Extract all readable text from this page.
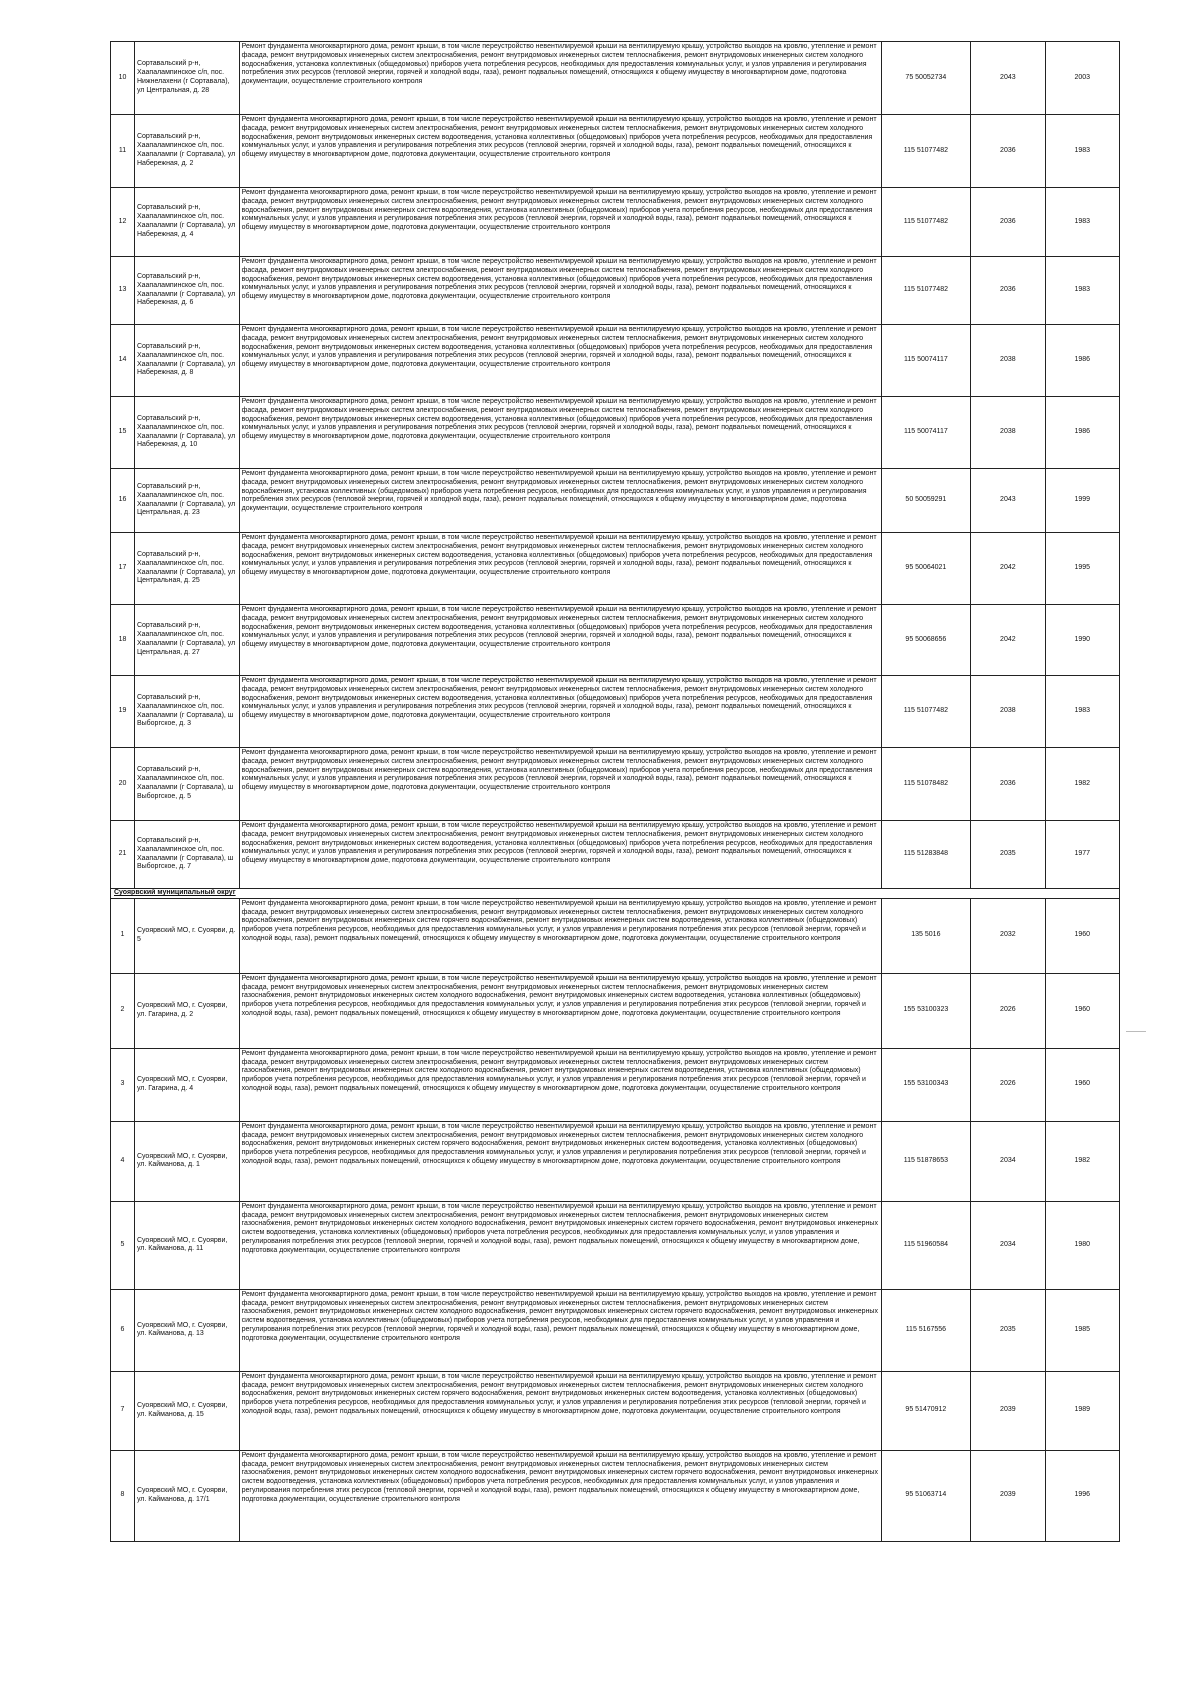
10	Сортавальский р-н, Хаапалампинское с/п, пос. Нижнелахени (г Сортавала), ул Центральная, д. 28	Ремонт фундамента многоквартирного дома, ремонт крыши, в том числе переустройство невентилируемой крыши на вентилируемую крышу, устройство выходов на кровлю, утепление и ремонт фасада, ремонт внутридомовых инженерных систем электроснабжения, ремонт внутридомовых инженерных систем теплоснабжения, ремонт внутридомовых инженерных систем холодного водоснабжения, установка коллективных (общедомовых) приборов учета потребления ресурсов, необходимых для предоставления коммунальных услуг, и узлов управления и регулирования потребления этих ресурсов (тепловой энергии, горячей и холодной воды, газа), ремонт подвальных помещений, относящихся к общему имуществу в многоквартирном доме, подготовка документации, осуществление строительного контроля	75 50052734	2043	2003
11	Сортавальский р-н, Хаапалампинское с/п, пос. Хаапалампи (г Сортавала), ул Набережная, д. 2	Ремонт фундамента многоквартирного дома, ремонт крыши, в том числе переустройство невентилируемой крыши на вентилируемую крышу, устройство выходов на кровлю, утепление и ремонт фасада, ремонт внутридомовых инженерных систем электроснабжения, ремонт внутридомовых инженерных систем теплоснабжения, ремонт внутридомовых инженерных систем холодного водоснабжения, ремонт внутридомовых инженерных систем водоотведения, установка коллективных (общедомовых) приборов учета потребления ресурсов, необходимых для предоставления коммунальных услуг, и узлов управления и регулирования потребления этих ресурсов (тепловой энергии, горячей и холодной воды, газа), ремонт подвальных помещений, относящихся к общему имуществу в многоквартирном доме, подготовка документации, осуществление строительного контроля	115 51077482	2036	1983
12	Сортавальский р-н, Хаапалампинское с/п, пос. Хаапалампи (г Сортавала), ул Набережная, д. 4	Ремонт фундамента многоквартирного дома, ремонт крыши, в том числе переустройство невентилируемой крыши на вентилируемую крышу, устройство выходов на кровлю, утепление и ремонт фасада, ремонт внутридомовых инженерных систем электроснабжения, ремонт внутридомовых инженерных систем теплоснабжения, ремонт внутридомовых инженерных систем холодного водоснабжения, ремонт внутридомовых инженерных систем водоотведения, установка коллективных (общедомовых) приборов учета потребления ресурсов, необходимых для предоставления коммунальных услуг, и узлов управления и регулирования потребления этих ресурсов (тепловой энергии, горячей и холодной воды, газа), ремонт подвальных помещений, относящихся к общему имуществу в многоквартирном доме, подготовка документации, осуществление строительного контроля	115 51077482	2036	1983
13	Сортавальский р-н, Хаапалампинское с/п, пос. Хаапалампи (г Сортавала), ул Набережная, д. 6	Ремонт фундамента многоквартирного дома, ремонт крыши, в том числе переустройство невентилируемой крыши на вентилируемую крышу, устройство выходов на кровлю, утепление и ремонт фасада, ремонт внутридомовых инженерных систем электроснабжения, ремонт внутридомовых инженерных систем теплоснабжения, ремонт внутридомовых инженерных систем холодного водоснабжения, ремонт внутридомовых инженерных систем водоотведения, установка коллективных (общедомовых) приборов учета потребления ресурсов, необходимых для предоставления коммунальных услуг, и узлов управления и регулирования потребления этих ресурсов (тепловой энергии, горячей и холодной воды, газа), ремонт подвальных помещений, относящихся к общему имуществу в многоквартирном доме, подготовка документации, осуществление строительного контроля	115 51077482	2036	1983
14	Сортавальский р-н, Хаапалампинское с/п, пос. Хаапалампи (г Сортавала), ул Набережная, д. 8	Ремонт фундамента многоквартирного дома, ремонт крыши, в том числе переустройство невентилируемой крыши на вентилируемую крышу, устройство выходов на кровлю, утепление и ремонт фасада, ремонт внутридомовых инженерных систем электроснабжения, ремонт внутридомовых инженерных систем теплоснабжения, ремонт внутридомовых инженерных систем холодного водоснабжения, ремонт внутридомовых инженерных систем водоотведения, установка коллективных (общедомовых) приборов учета потребления ресурсов, необходимых для предоставления коммунальных услуг, и узлов управления и регулирования потребления этих ресурсов (тепловой энергии, горячей и холодной воды, газа), ремонт подвальных помещений, относящихся к общему имуществу в многоквартирном доме, подготовка документации, осуществление строительного контроля	115 50074117	2038	1986
15	Сортавальский р-н, Хаапалампинское с/п, пос. Хаапалампи (г Сортавала), ул Набережная, д. 10	Ремонт фундамента многоквартирного дома, ремонт крыши, в том числе переустройство невентилируемой крыши на вентилируемую крышу, устройство выходов на кровлю, утепление и ремонт фасада, ремонт внутридомовых инженерных систем электроснабжения, ремонт внутридомовых инженерных систем теплоснабжения, ремонт внутридомовых инженерных систем холодного водоснабжения, ремонт внутридомовых инженерных систем водоотведения, установка коллективных (общедомовых) приборов учета потребления ресурсов, необходимых для предоставления коммунальных услуг, и узлов управления и регулирования потребления этих ресурсов (тепловой энергии, горячей и холодной воды, газа), ремонт подвальных помещений, относящихся к общему имуществу в многоквартирном доме, подготовка документации, осуществление строительного контроля	115 50074117	2038	1986
16	Сортавальский р-н, Хаапалампинское с/п, пос. Хаапалампи (г Сортавала), ул Центральная, д. 23	Ремонт фундамента многоквартирного дома, ремонт крыши, в том числе переустройство невентилируемой крыши на вентилируемую крышу, устройство выходов на кровлю, утепление и ремонт фасада, ремонт внутридомовых инженерных систем электроснабжения, ремонт внутридомовых инженерных систем теплоснабжения, ремонт внутридомовых инженерных систем холодного водоснабжения, установка коллективных (общедомовых) приборов учета потребления ресурсов, необходимых для предоставления коммунальных услуг, и узлов управления и регулирования потребления этих ресурсов (тепловой энергии, горячей и холодной воды, газа), ремонт подвальных помещений, относящихся к общему имуществу в многоквартирном доме, подготовка документации, осуществление строительного контроля	50 50059291	2043	1999
17	Сортавальский р-н, Хаапалампинское с/п, пос. Хаапалампи (г Сортавала), ул Центральная, д. 25	Ремонт фундамента многоквартирного дома, ремонт крыши, в том числе переустройство невентилируемой крыши на вентилируемую крышу, устройство выходов на кровлю, утепление и ремонт фасада, ремонт внутридомовых инженерных систем электроснабжения, ремонт внутридомовых инженерных систем теплоснабжения, ремонт внутридомовых инженерных систем холодного водоснабжения, ремонт внутридомовых инженерных систем водоотведения, установка коллективных (общедомовых) приборов учета потребления ресурсов, необходимых для предоставления коммунальных услуг, и узлов управления и регулирования потребления этих ресурсов (тепловой энергии, горячей и холодной воды, газа), ремонт подвальных помещений, относящихся к общему имуществу в многоквартирном доме, подготовка документации, осуществление строительного контроля	95 50064021	2042	1995
18	Сортавальский р-н, Хаапалампинское с/п, пос. Хаапалампи (г Сортавала), ул Центральная, д. 27	Ремонт фундамента многоквартирного дома, ремонт крыши, в том числе переустройство невентилируемой крыши на вентилируемую крышу, устройство выходов на кровлю, утепление и ремонт фасада, ремонт внутридомовых инженерных систем электроснабжения, ремонт внутридомовых инженерных систем теплоснабжения, ремонт внутридомовых инженерных систем холодного водоснабжения, ремонт внутридомовых инженерных систем водоотведения, установка коллективных (общедомовых) приборов учета потребления ресурсов, необходимых для предоставления коммунальных услуг, и узлов управления и регулирования потребления этих ресурсов (тепловой энергии, горячей и холодной воды, газа), ремонт подвальных помещений, относящихся к общему имуществу в многоквартирном доме, подготовка документации, осуществление строительного контроля	95 50068656	2042	1990
19	Сортавальский р-н, Хаапалампинское с/п, пос. Хаапалампи (г Сортавала), ш Выборгское, д. 3	Ремонт фундамента многоквартирного дома, ремонт крыши, в том числе переустройство невентилируемой крыши на вентилируемую крышу, устройство выходов на кровлю, утепление и ремонт фасада, ремонт внутридомовых инженерных систем электроснабжения, ремонт внутридомовых инженерных систем теплоснабжения, ремонт внутридомовых инженерных систем холодного водоснабжения, ремонт внутридомовых инженерных систем водоотведения, установка коллективных (общедомовых) приборов учета потребления ресурсов, необходимых для предоставления коммунальных услуг, и узлов управления и регулирования потребления этих ресурсов (тепловой энергии, горячей и холодной воды, газа), ремонт подвальных помещений, относящихся к общему имуществу в многоквартирном доме, подготовка документации, осуществление строительного контроля	115 51077482	2038	1983
20	Сортавальский р-н, Хаапалампинское с/п, пос. Хаапалампи (г Сортавала), ш Выборгское, д. 5	Ремонт фундамента многоквартирного дома, ремонт крыши, в том числе переустройство невентилируемой крыши на вентилируемую крышу, устройство выходов на кровлю, утепление и ремонт фасада, ремонт внутридомовых инженерных систем электроснабжения, ремонт внутридомовых инженерных систем теплоснабжения, ремонт внутридомовых инженерных систем холодного водоснабжения, ремонт внутридомовых инженерных систем водоотведения, установка коллективных (общедомовых) приборов учета потребления ресурсов, необходимых для предоставления коммунальных услуг, и узлов управления и регулирования потребления этих ресурсов (тепловой энергии, горячей и холодной воды, газа), ремонт подвальных помещений, относящихся к общему имуществу в многоквартирном доме, подготовка документации, осуществление строительного контроля	115 51078482	2036	1982
21	Сортавальский р-н, Хаапалампинское с/п, пос. Хаапалампи (г Сортавала), ш Выборгское, д. 7	Ремонт фундамента многоквартирного дома, ремонт крыши, в том числе переустройство невентилируемой крыши на вентилируемую крышу, устройство выходов на кровлю, утепление и ремонт фасада, ремонт внутридомовых инженерных систем электроснабжения, ремонт внутридомовых инженерных систем теплоснабжения, ремонт внутридомовых инженерных систем холодного водоснабжения, ремонт внутридомовых инженерных систем водоотведения, установка коллективных (общедомовых) приборов учета потребления ресурсов, необходимых для предоставления коммунальных услуг, и узлов управления и регулирования потребления этих ресурсов (тепловой энергии, горячей и холодной воды, газа), ремонт подвальных помещений, относящихся к общему имуществу в многоквартирном доме, подготовка документации, осуществление строительного контроля	115 51283848	2035	1977
Суоярвский муниципальный округ					
1	Суоярвский МО, г. Суоярви, д. 5	Ремонт фундамента многоквартирного дома, ремонт крыши, в том числе переустройство невентилируемой крыши на вентилируемую крышу, устройство выходов на кровлю, утепление и ремонт фасада, ремонт внутридомовых инженерных систем электроснабжения, ремонт внутридомовых инженерных систем теплоснабжения, ремонт внутридомовых инженерных систем холодного водоснабжения, ремонт внутридомовых инженерных систем горячего водоснабжения, ремонт внутридомовых инженерных систем водоотведения, установка коллективных (общедомовых) приборов учета потребления ресурсов, необходимых для предоставления коммунальных услуг, и узлов управления и регулирования потребления этих ресурсов (тепловой энергии, горячей и холодной воды, газа), ремонт подвальных помещений, относящихся к общему имуществу в многоквартирном доме, подготовка документации, осуществление строительного контроля	135 5016	2032	1960
2	Суоярвский МО, г. Суоярви, ул. Гагарина, д. 2	Ремонт фундамента многоквартирного дома, ремонт крыши, в том числе переустройство невентилируемой крыши на вентилируемую крышу, устройство выходов на кровлю, утепление и ремонт фасада, ремонт внутридомовых инженерных систем электроснабжения, ремонт внутридомовых инженерных систем теплоснабжения, ремонт внутридомовых инженерных систем газоснабжения, ремонт внутридомовых инженерных систем холодного водоснабжения, ремонт внутридомовых инженерных систем водоотведения, установка коллективных (общедомовых) приборов учета потребления ресурсов, необходимых для предоставления коммунальных услуг, и узлов управления и регулирования потребления этих ресурсов (тепловой энергии, горячей и холодной воды, газа), ремонт подвальных помещений, относящихся к общему имуществу в многоквартирном доме, подготовка документации, осуществление строительного контроля	155 53100323	2026	1960
3	Суоярвский МО, г. Суоярви, ул. Гагарина, д. 4	Ремонт фундамента многоквартирного дома, ремонт крыши, в том числе переустройство невентилируемой крыши на вентилируемую крышу, устройство выходов на кровлю, утепление и ремонт фасада, ремонт внутридомовых инженерных систем электроснабжения, ремонт внутридомовых инженерных систем теплоснабжения, ремонт внутридомовых инженерных систем газоснабжения, ремонт внутридомовых инженерных систем холодного водоснабжения, ремонт внутридомовых инженерных систем водоотведения, установка коллективных (общедомовых) приборов учета потребления ресурсов, необходимых для предоставления коммунальных услуг, и узлов управления и регулирования потребления этих ресурсов (тепловой энергии, горячей и холодной воды, газа), ремонт подвальных помещений, относящихся к общему имуществу в многоквартирном доме, подготовка документации, осуществление строительного контроля	155 53100343	2026	1960
4	Суоярвский МО, г. Суоярви, ул. Кайманова, д. 1	Ремонт фундамента многоквартирного дома, ремонт крыши, в том числе переустройство невентилируемой крыши на вентилируемую крышу, устройство выходов на кровлю, утепление и ремонт фасада, ремонт внутридомовых инженерных систем электроснабжения, ремонт внутридомовых инженерных систем теплоснабжения, ремонт внутридомовых инженерных систем холодного водоснабжения, ремонт внутридомовых инженерных систем горячего водоснабжения, ремонт внутридомовых инженерных систем водоотведения, установка коллективных (общедомовых) приборов учета потребления ресурсов, необходимых для предоставления коммунальных услуг, и узлов управления и регулирования потребления этих ресурсов (тепловой энергии, горячей и холодной воды, газа), ремонт подвальных помещений, относящихся к общему имуществу в многоквартирном доме, подготовка документации, осуществление строительного контроля	115 51878653	2034	1982
5	Суоярвский МО, г. Суоярви, ул. Кайманова, д. 11	Ремонт фундамента многоквартирного дома, ремонт крыши, в том числе переустройство невентилируемой крыши на вентилируемую крышу, устройство выходов на кровлю, утепление и ремонт фасада, ремонт внутридомовых инженерных систем электроснабжения, ремонт внутридомовых инженерных систем теплоснабжения, ремонт внутридомовых инженерных систем газоснабжения, ремонт внутридомовых инженерных систем холодного водоснабжения, ремонт внутридомовых инженерных систем горячего водоснабжения, ремонт внутридомовых инженерных систем водоотведения, установка коллективных (общедомовых) приборов учета потребления ресурсов, необходимых для предоставления коммунальных услуг, и узлов управления и регулирования потребления этих ресурсов (тепловой энергии, горячей и холодной воды, газа), ремонт подвальных помещений, относящихся к общему имуществу в многоквартирном доме, подготовка документации, осуществление строительного контроля	115 51960584	2034	1980
6	Суоярвский МО, г. Суоярви, ул. Кайманова, д. 13	Ремонт фундамента многоквартирного дома, ремонт крыши, в том числе переустройство невентилируемой крыши на вентилируемую крышу, устройство выходов на кровлю, утепление и ремонт фасада, ремонт внутридомовых инженерных систем электроснабжения, ремонт внутридомовых инженерных систем теплоснабжения, ремонт внутридомовых инженерных систем газоснабжения, ремонт внутридомовых инженерных систем холодного водоснабжения, ремонт внутридомовых инженерных систем горячего водоснабжения, ремонт внутридомовых инженерных систем водоотведения, установка коллективных (общедомовых) приборов учета потребления ресурсов, необходимых для предоставления коммунальных услуг, и узлов управления и регулирования потребления этих ресурсов (тепловой энергии, горячей и холодной воды, газа), ремонт подвальных помещений, относящихся к общему имуществу в многоквартирном доме, подготовка документации, осуществление строительного контроля	115 5167556	2035	1985
7	Суоярвский МО, г. Суоярви, ул. Кайманова, д. 15	Ремонт фундамента многоквартирного дома, ремонт крыши, в том числе переустройство невентилируемой крыши на вентилируемую крышу, устройство выходов на кровлю, утепление и ремонт фасада, ремонт внутридомовых инженерных систем электроснабжения, ремонт внутридомовых инженерных систем теплоснабжения, ремонт внутридомовых инженерных систем холодного водоснабжения, ремонт внутридомовых инженерных систем горячего водоснабжения, ремонт внутридомовых инженерных систем водоотведения, установка коллективных (общедомовых) приборов учета потребления ресурсов, необходимых для предоставления коммунальных услуг, и узлов управления и регулирования потребления этих ресурсов (тепловой энергии, горячей и холодной воды, газа), ремонт подвальных помещений, относящихся к общему имуществу в многоквартирном доме, подготовка документации, осуществление строительного контроля	95 51470912	2039	1989
8	Суоярвский МО, г. Суоярви, ул. Кайманова, д. 17/1	Ремонт фундамента многоквартирного дома, ремонт крыши, в том числе переустройство невентилируемой крыши на вентилируемую крышу, устройство выходов на кровлю, утепление и ремонт фасада, ремонт внутридомовых инженерных систем электроснабжения, ремонт внутридомовых инженерных систем теплоснабжения, ремонт внутридомовых инженерных систем газоснабжения, ремонт внутридомовых инженерных систем холодного водоснабжения, ремонт внутридомовых инженерных систем горячего водоснабжения, ремонт внутридомовых инженерных систем водоотведения, установка коллективных (общедомовых) приборов учета потребления ресурсов, необходимых для предоставления коммунальных услуг, и узлов управления и регулирования потребления этих ресурсов (тепловой энергии, горячей и холодной воды, газа), ремонт подвальных помещений, относящихся к общему имуществу в многоквартирном доме, подготовка документации, осуществление строительного контроля	95 51063714	2039	1996
